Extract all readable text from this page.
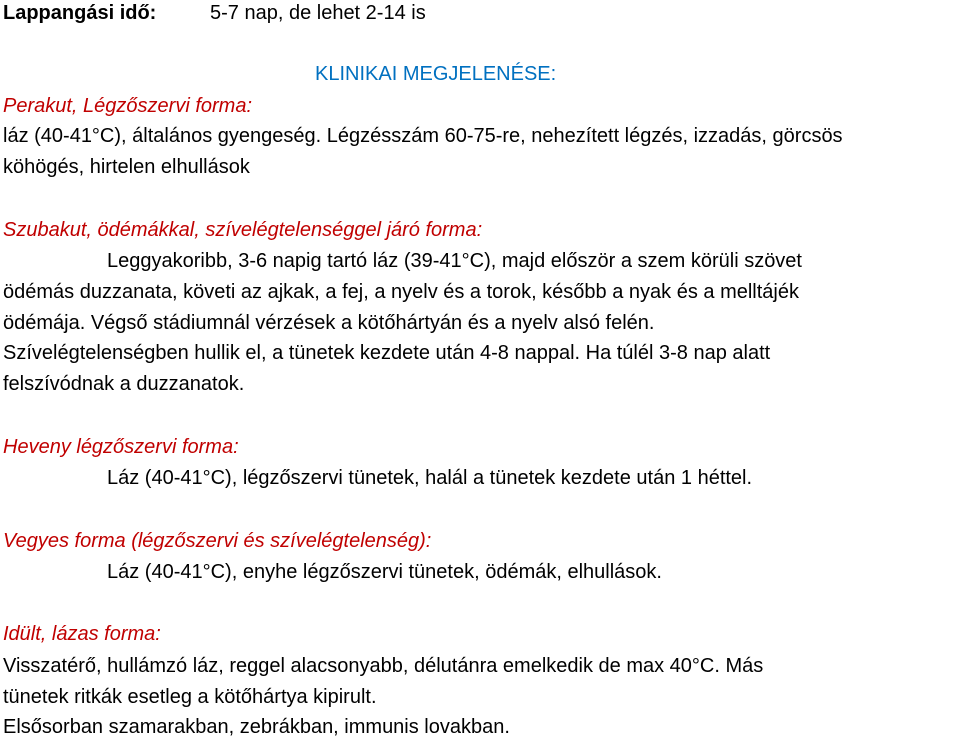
Lappangási idő:	5-7 nap, de lehet 2-14 is
KLINIKAI MEGJELENÉSE:
Perakut, Légzőszervi forma:
láz (40-41°C), általános gyengeség. Légzésszám 60-75-re, nehezített légzés, izzadás, görcsös
köhögés, hirtelen elhullások
Szubakut, ödémákkal, szívelégtelenséggel járó forma:
Leggyakoribb, 3-6 napig tartó láz (39-41°C), majd először a szem körüli szövet
ödémás duzzanata, követi az ajkak, a fej, a nyelv és a torok, később a nyak és a melltájék
ödémája. Végső stádiumnál vérzések a kötőhártyán és a nyelv alsó felén.
Szívelégtelenségben hullik el, a tünetek kezdete után 4-8 nappal. Ha túlél 3-8 nap alatt
felszívódnak a duzzanatok.
Heveny légzőszervi forma:
Láz (40-41°C), légzőszervi tünetek, halál a tünetek kezdete után 1 héttel.
Vegyes forma (légzőszervi és szívelégtelenség):
Láz (40-41°C), enyhe légzőszervi tünetek, ödémák, elhullások.
Idült, lázas forma:
Visszatérő, hullámzó láz, reggel alacsonyabb, délutánra emelkedik de max 40°C. Más
tünetek ritkák esetleg a kötőhártya kipirult.
Elsősorban szamarakban, zebrákban, immunis lovakban.
